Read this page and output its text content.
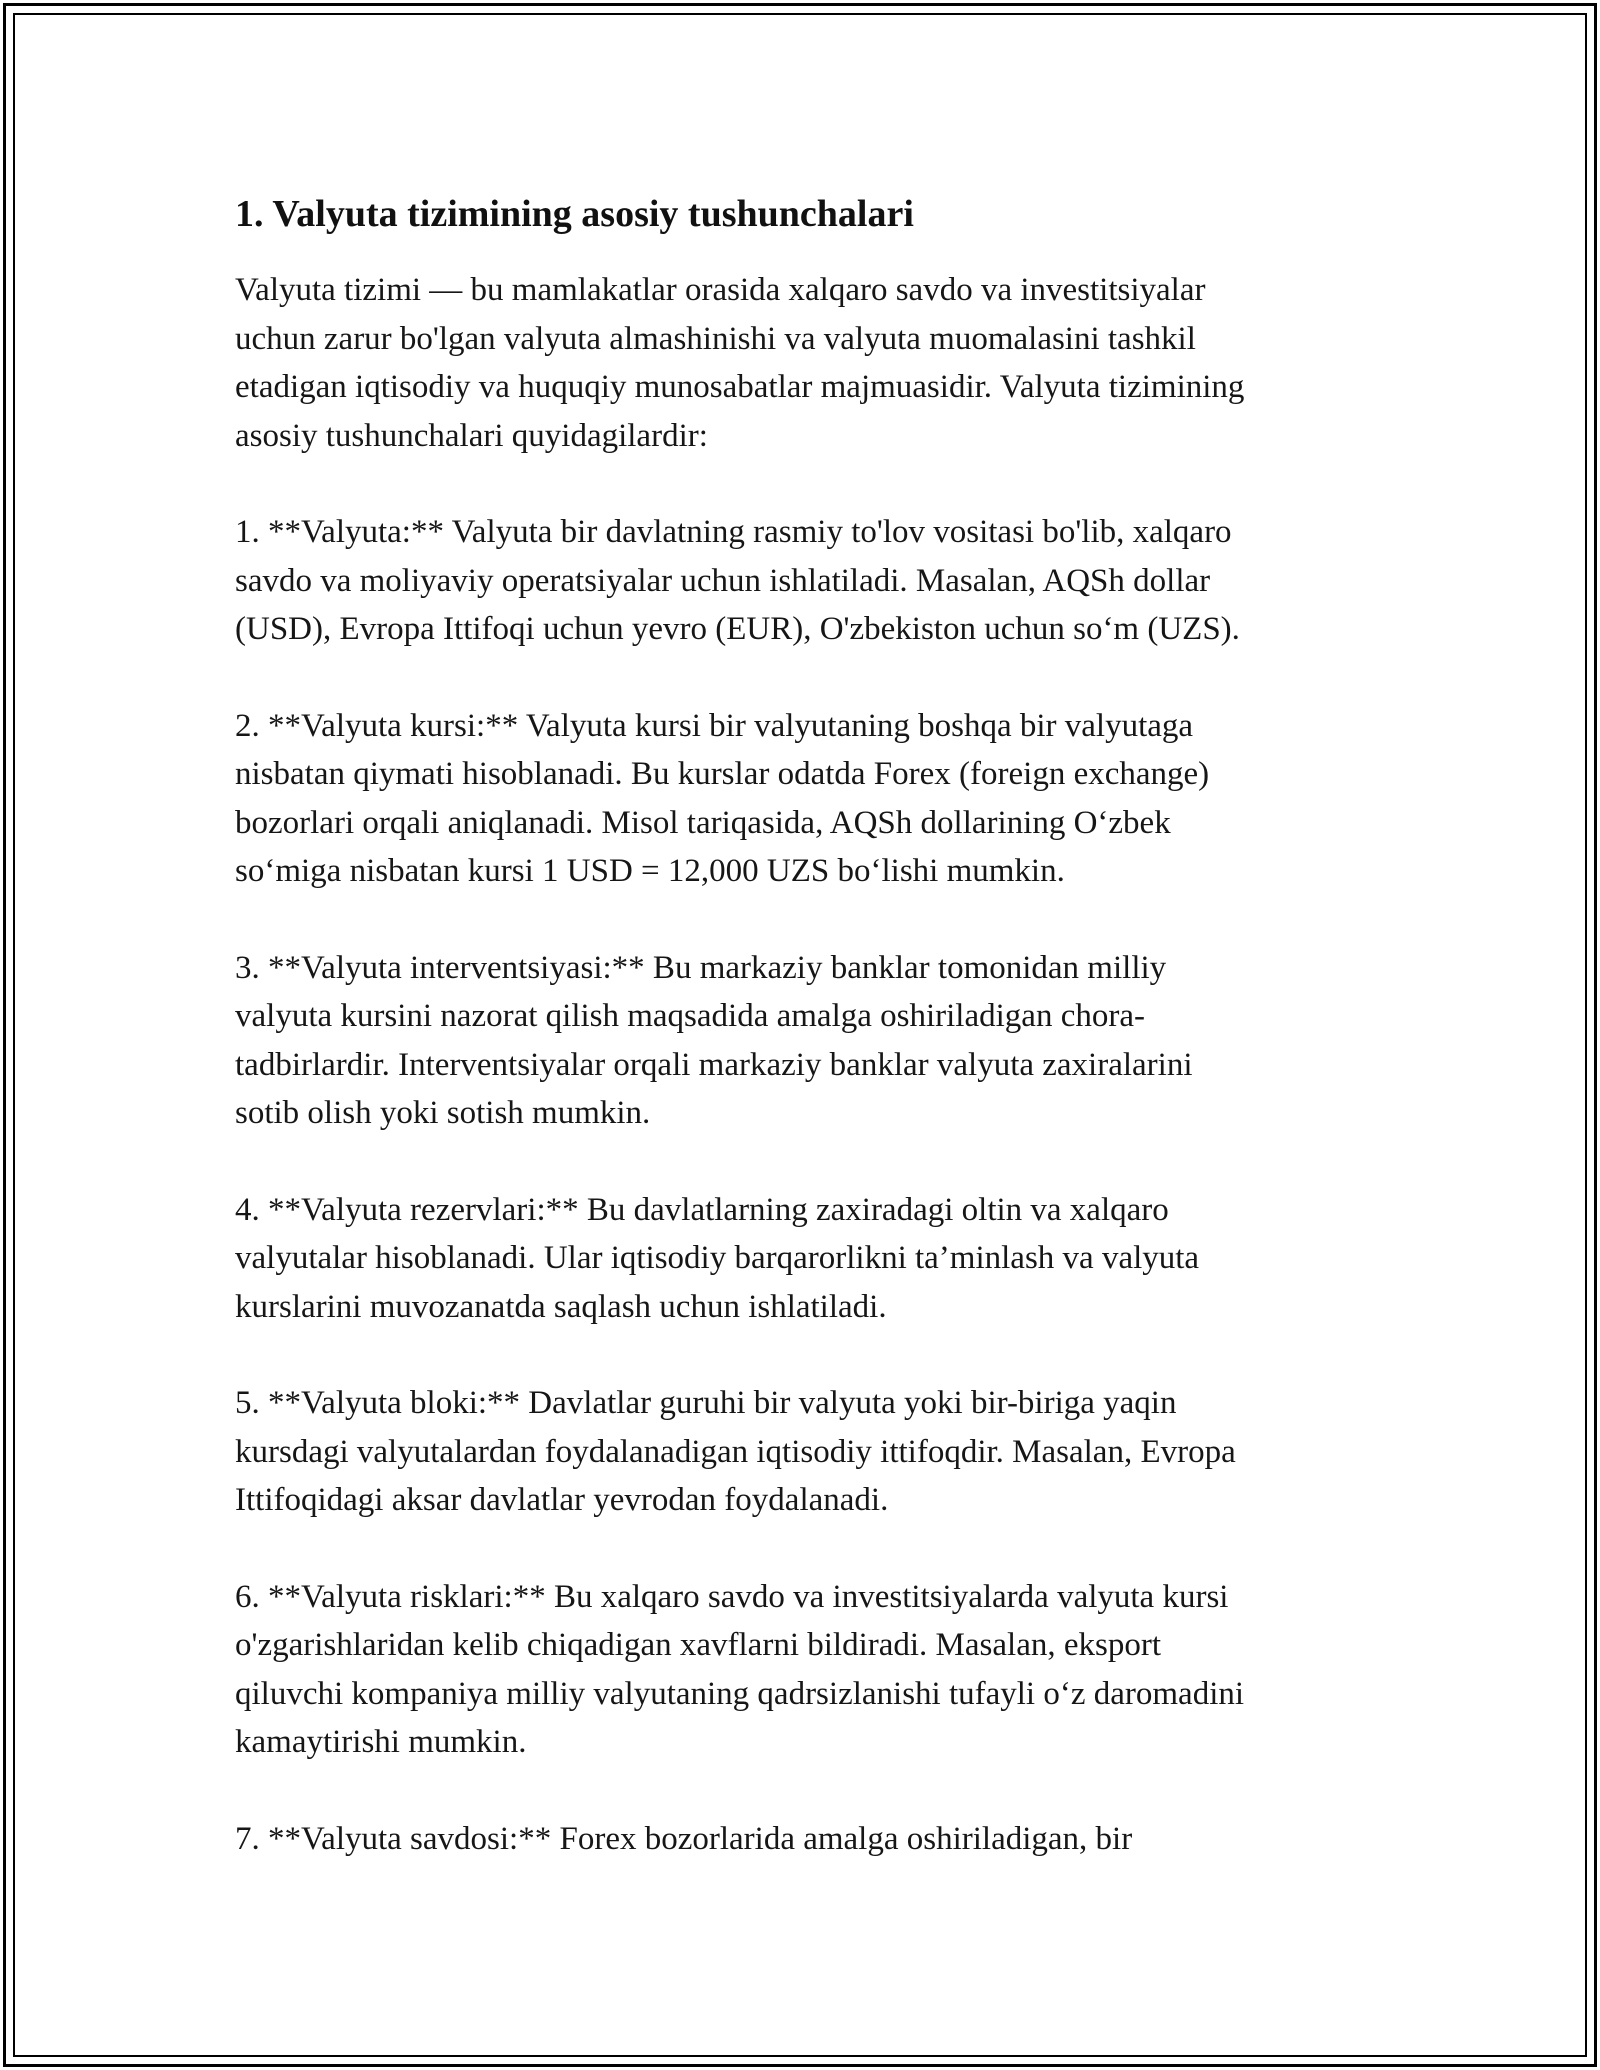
1. Valyuta tizimining asosiy tushunchalari

Valyuta tizimi — bu mamlakatlar orasida xalqaro savdo va investitsiyalar
uchun zarur bo'lgan valyuta almashinishi va valyuta muomalasini tashkil
etadigan iqtisodiy va huquqiy munosabatlar majmuasidir. Valyuta tizimining
asosiy tushunchalari quyidagilardir:

1. **Valyuta:** Valyuta bir davlatning rasmiy to'lov vositasi bo'lib, xalqaro
savdo va moliyaviy operatsiyalar uchun ishlatiladi. Masalan, AQSh dollar
(USD), Evropa Ittifoqi uchun yevro (EUR), O'zbekiston uchun so‘m (UZS).

2. **Valyuta kursi:** Valyuta kursi bir valyutaning boshqa bir valyutaga
nisbatan qiymati hisoblanadi. Bu kurslar odatda Forex (foreign exchange)
bozorlari orqali aniqlanadi. Misol tariqasida, AQSh dollarining O‘zbek
so‘miga nisbatan kursi 1 USD = 12,000 UZS bo‘lishi mumkin.

3. **Valyuta interventsiyasi:** Bu markaziy banklar tomonidan milliy
valyuta kursini nazorat qilish maqsadida amalga oshiriladigan chora-
tadbirlardir. Interventsiyalar orqali markaziy banklar valyuta zaxiralarini
sotib olish yoki sotish mumkin.

4. **Valyuta rezervlari:** Bu davlatlarning zaxiradagi oltin va xalqaro
valyutalar hisoblanadi. Ular iqtisodiy barqarorlikni ta’minlash va valyuta
kurslarini muvozanatda saqlash uchun ishlatiladi.

5. **Valyuta bloki:** Davlatlar guruhi bir valyuta yoki bir-biriga yaqin
kursdagi valyutalardan foydalanadigan iqtisodiy ittifoqdir. Masalan, Evropa
Ittifoqidagi aksar davlatlar yevrodan foydalanadi.

6. **Valyuta risklari:** Bu xalqaro savdo va investitsiyalarda valyuta kursi
o'zgarishlaridan kelib chiqadigan xavflarni bildiradi. Masalan, eksport
qiluvchi kompaniya milliy valyutaning qadrsizlanishi tufayli o‘z daromadini
kamaytirishi mumkin.

7. **Valyuta savdosi:** Forex bozorlarida amalga oshiriladigan, bir
